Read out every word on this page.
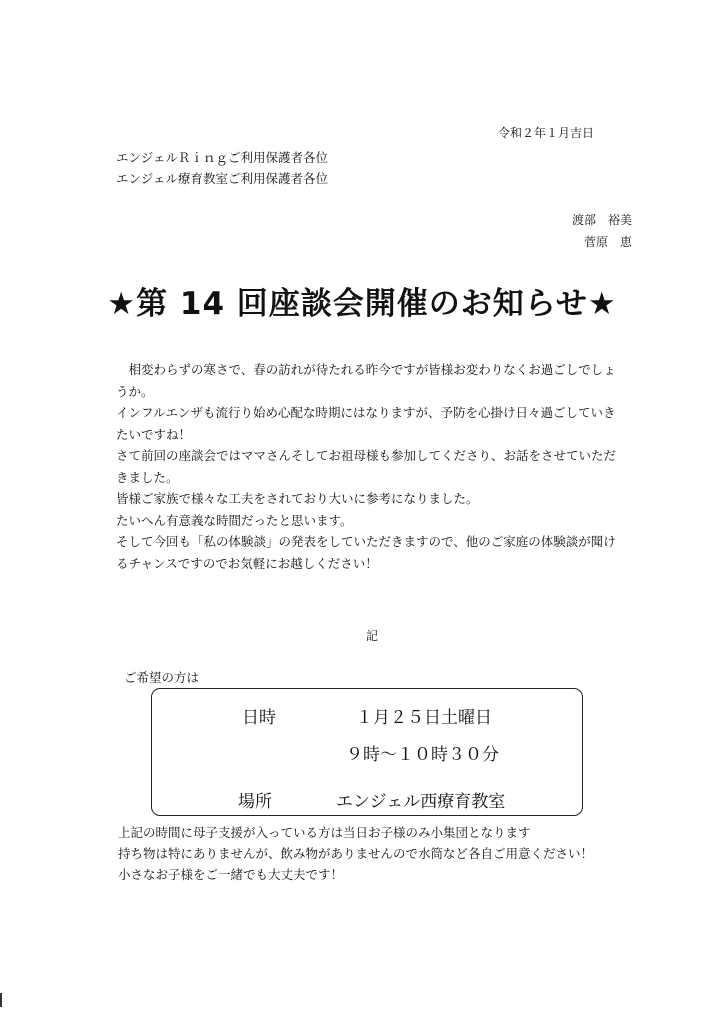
令和２年１月吉日
エンジェルＲｉｎｇご利用保護者各位
エンジェル療育教室ご利用保護者各位
渡部　裕美
菅原　恵
★第 14 回座談会開催のお知らせ★

　相変わらずの寒さで、春の訪れが待たれる昨今ですが皆様お変わりなくお過ごしでしょ

うか。

インフルエンザも流行り始め心配な時期にはなりますが、予防を心掛け日々過ごしていき

たいですね！

さて前回の座談会ではママさんそしてお祖母様も参加してくださり、お話をさせていただ

きました。

皆様ご家族で様々な工夫をされており大いに参考になりました。

たいへん有意義な時間だったと思います。

そして今回も「私の体験談」の発表をしていただきますので、他のご家庭の体験談が聞け

るチャンスですのでお気軽にお越しください！

記
ご希望の方は
日時	１月２５日土曜日
９時～１０時３０分
場所	エンジェル西療育教室

上記の時間に母子支援が入っている方は当日お子様のみ小集団となります

持ち物は特にありませんが、飲み物がありませんので水筒など各自ご用意ください！

小さなお子様をご一緒でも大丈夫です！
